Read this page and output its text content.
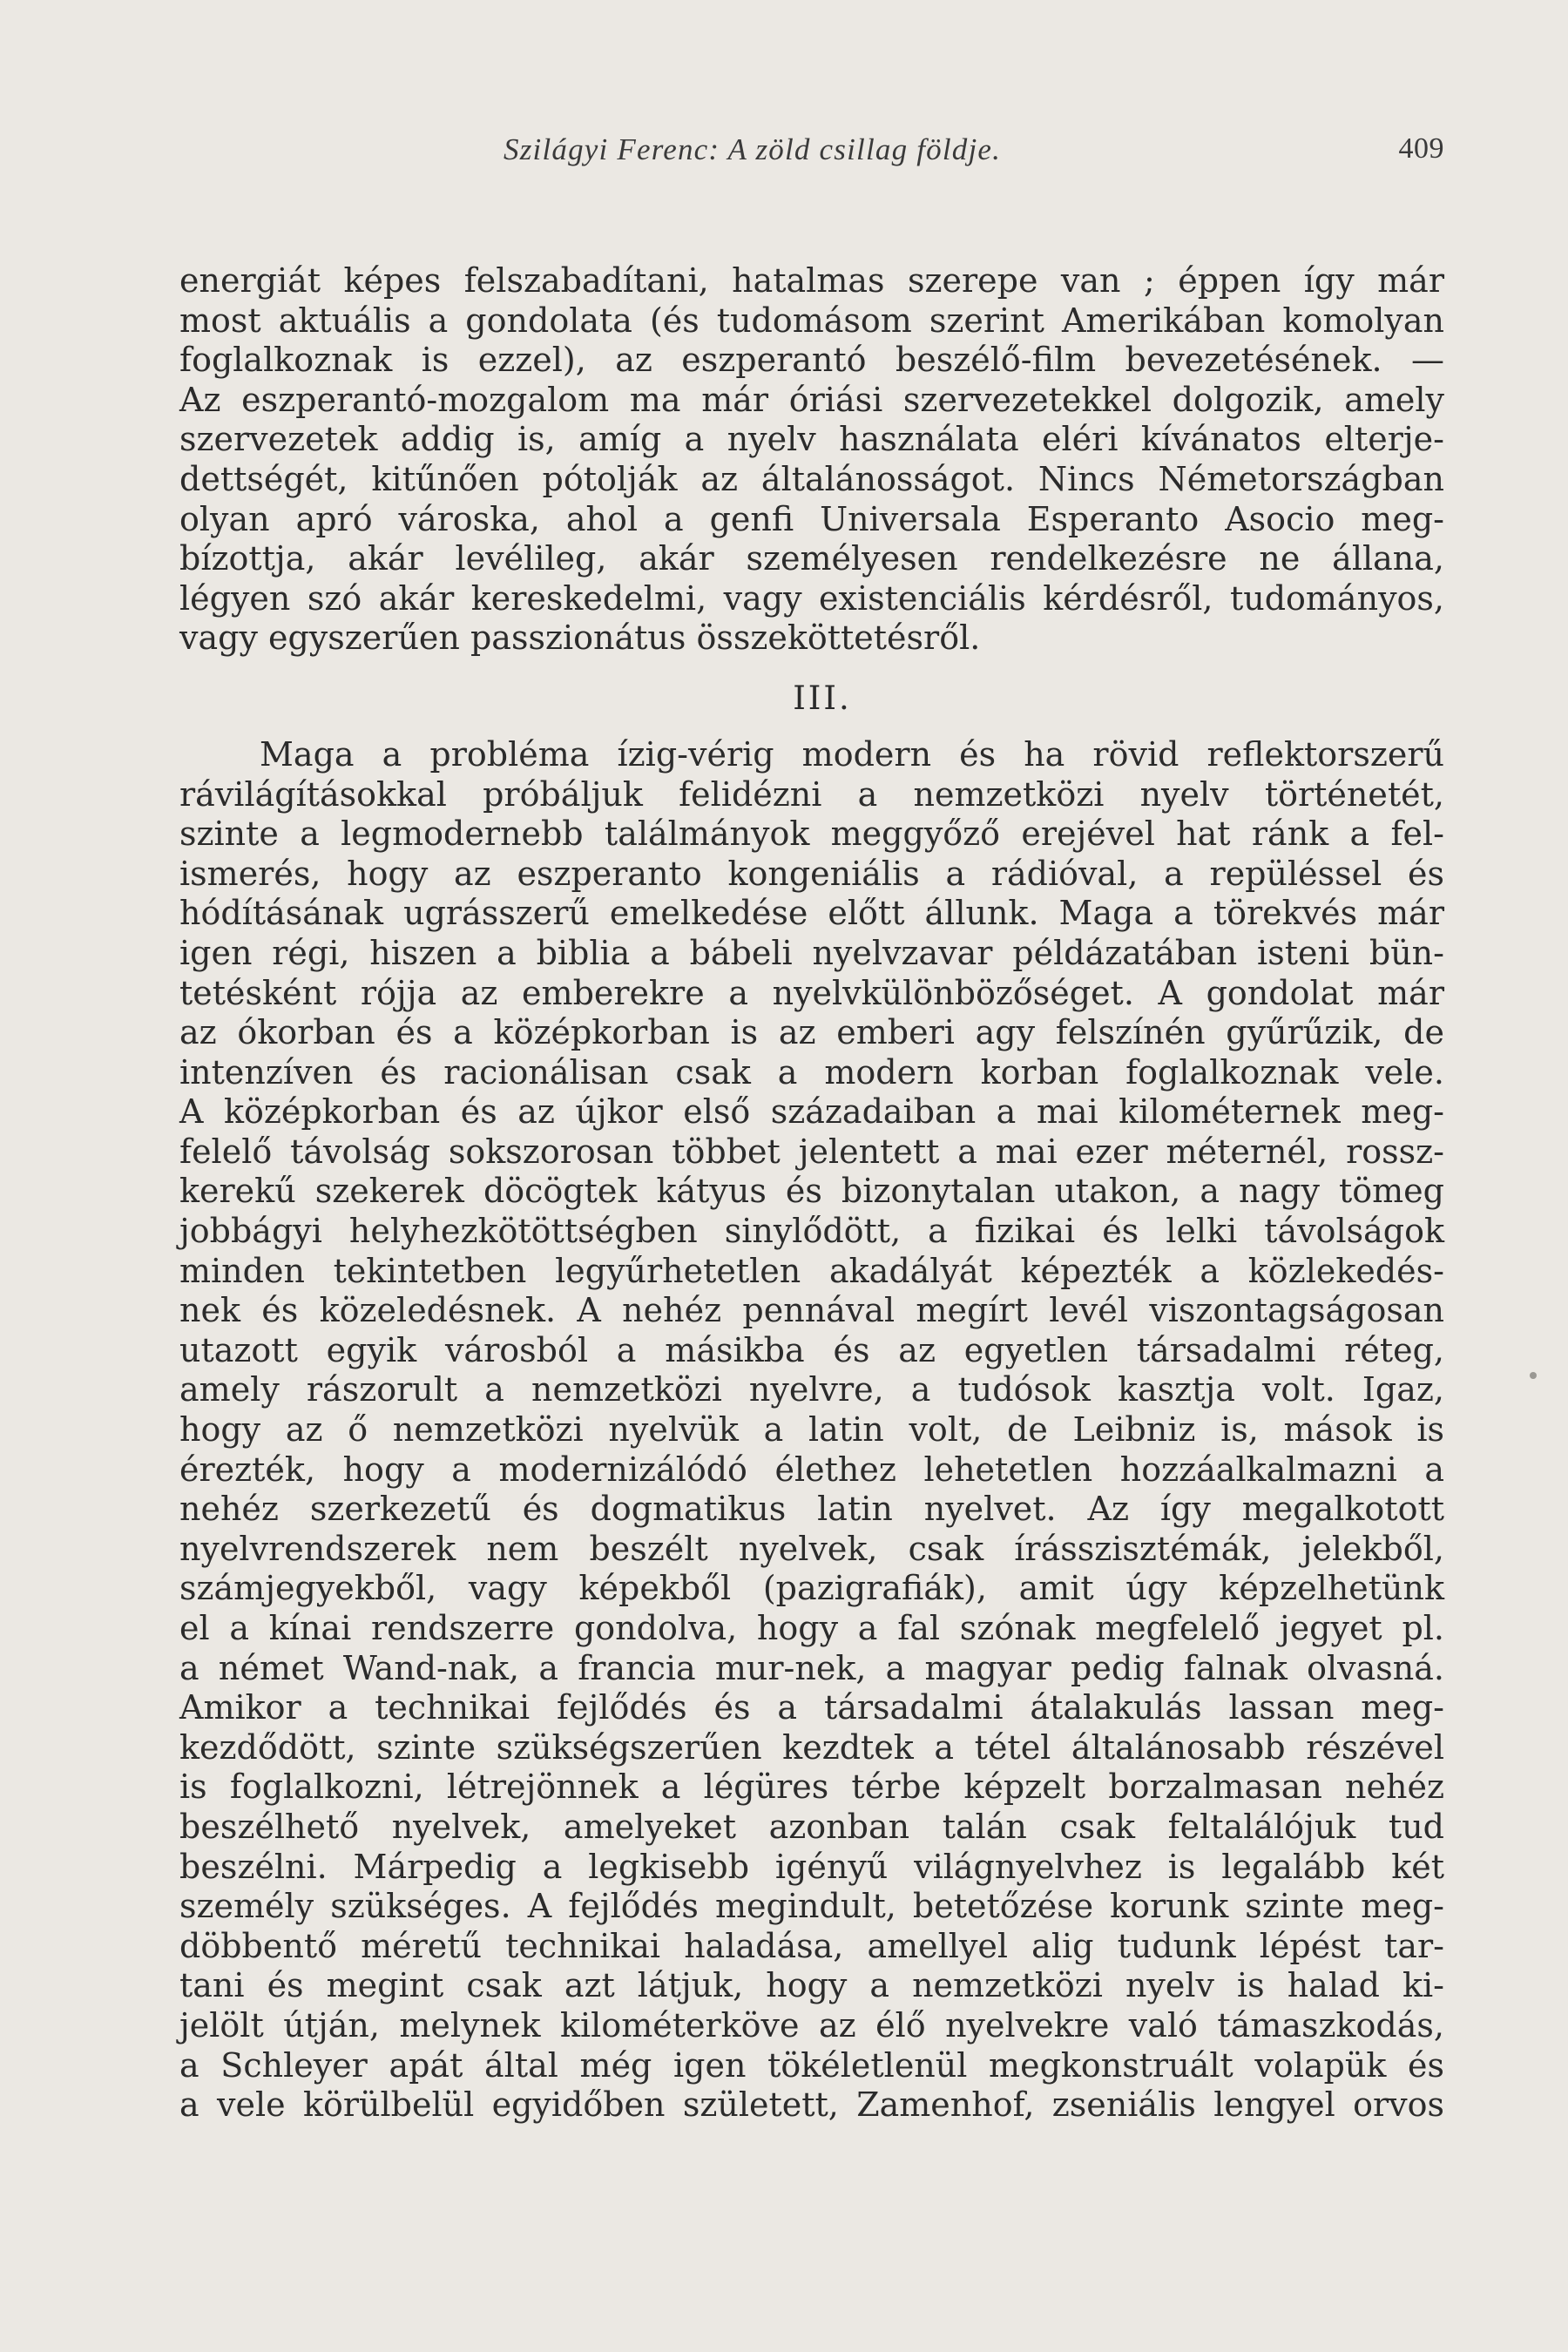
Szilágyi Ferenc: A zöld csillag földje.	409

energiát képes felszabadítani, hatalmas szerepe van ; éppen így már
most aktuális a gondolata (és tudomásom szerint Amerikában komolyan
foglalkoznak is ezzel), az eszperantó beszélő-film bevezetésének. —
Az eszperantó-mozgalom ma már óriási szervezetekkel dolgozik, amely
szervezetek addig is, amíg a nyelv használata eléri kívánatos elterje-
dettségét, kitűnően pótolják az általánosságot. Nincs Németországban
olyan apró városka, ahol a genfi Universala Esperanto Asocio meg-
bízottja, akár levélileg, akár személyesen rendelkezésre ne állana,
légyen szó akár kereskedelmi, vagy existenciális kérdésről, tudományos,
vagy egyszerűen passzionátus összeköttetésről.

III.

Maga a probléma ízig-vérig modern és ha rövid reflektorszerű
rávilágításokkal próbáljuk felidézni a nemzetközi nyelv történetét,
szinte a legmodernebb találmányok meggyőző erejével hat ránk a fel-
ismerés, hogy az eszperanto kongeniális a rádióval, a repüléssel és
hódításának ugrásszerű emelkedése előtt állunk. Maga a törekvés már
igen régi, hiszen a biblia a bábeli nyelvzavar példázatában isteni bün-
tetésként rójja az emberekre a nyelvkülönbözőséget. A gondolat már
az ókorban és a középkorban is az emberi agy felszínén gyűrűzik, de
intenzíven és racionálisan csak a modern korban foglalkoznak vele.
A középkorban és az újkor első századaiban a mai kilométernek meg-
felelő távolság sokszorosan többet jelentett a mai ezer méternél, rossz-
kerekű szekerek döcögtek kátyus és bizonytalan utakon, a nagy tömeg
jobbágyi helyhezkötöttségben sinylődött, a fizikai és lelki távolságok
minden tekintetben legyűrhetetlen akadályát képezték a közlekedés-
nek és közeledésnek. A nehéz pennával megírt levél viszontagságosan
utazott egyik városból a másikba és az egyetlen társadalmi réteg,
amely rászorult a nemzetközi nyelvre, a tudósok kasztja volt. Igaz,
hogy az ő nemzetközi nyelvük a latin volt, de Leibniz is, mások is
érezték, hogy a modernizálódó élethez lehetetlen hozzáalkalmazni a
nehéz szerkezetű és dogmatikus latin nyelvet. Az így megalkotott
nyelvrendszerek nem beszélt nyelvek, csak írásszisztémák, jelekből,
számjegyekből, vagy képekből (pazigrafiák), amit úgy képzelhetünk
el a kínai rendszerre gondolva, hogy a fal szónak megfelelő jegyet pl.
a német Wand-nak, a francia mur-nek, a magyar pedig falnak olvasná.
Amikor a technikai fejlődés és a társadalmi átalakulás lassan meg-
kezdődött, szinte szükségszerűen kezdtek a tétel általánosabb részével
is foglalkozni, létrejönnek a légüres térbe képzelt borzalmasan nehéz
beszélhető nyelvek, amelyeket azonban talán csak feltalálójuk tud
beszélni. Márpedig a legkisebb igényű világnyelvhez is legalább két
személy szükséges. A fejlődés megindult, betetőzése korunk szinte meg-
döbbentő méretű technikai haladása, amellyel alig tudunk lépést tar-
tani és megint csak azt látjuk, hogy a nemzetközi nyelv is halad ki-
jelölt útján, melynek kilométerköve az élő nyelvekre való támaszkodás,
a Schleyer apát által még igen tökéletlenül megkonstruált volapük és
a vele körülbelül egyidőben született, Zamenhof, zseniális lengyel orvos
